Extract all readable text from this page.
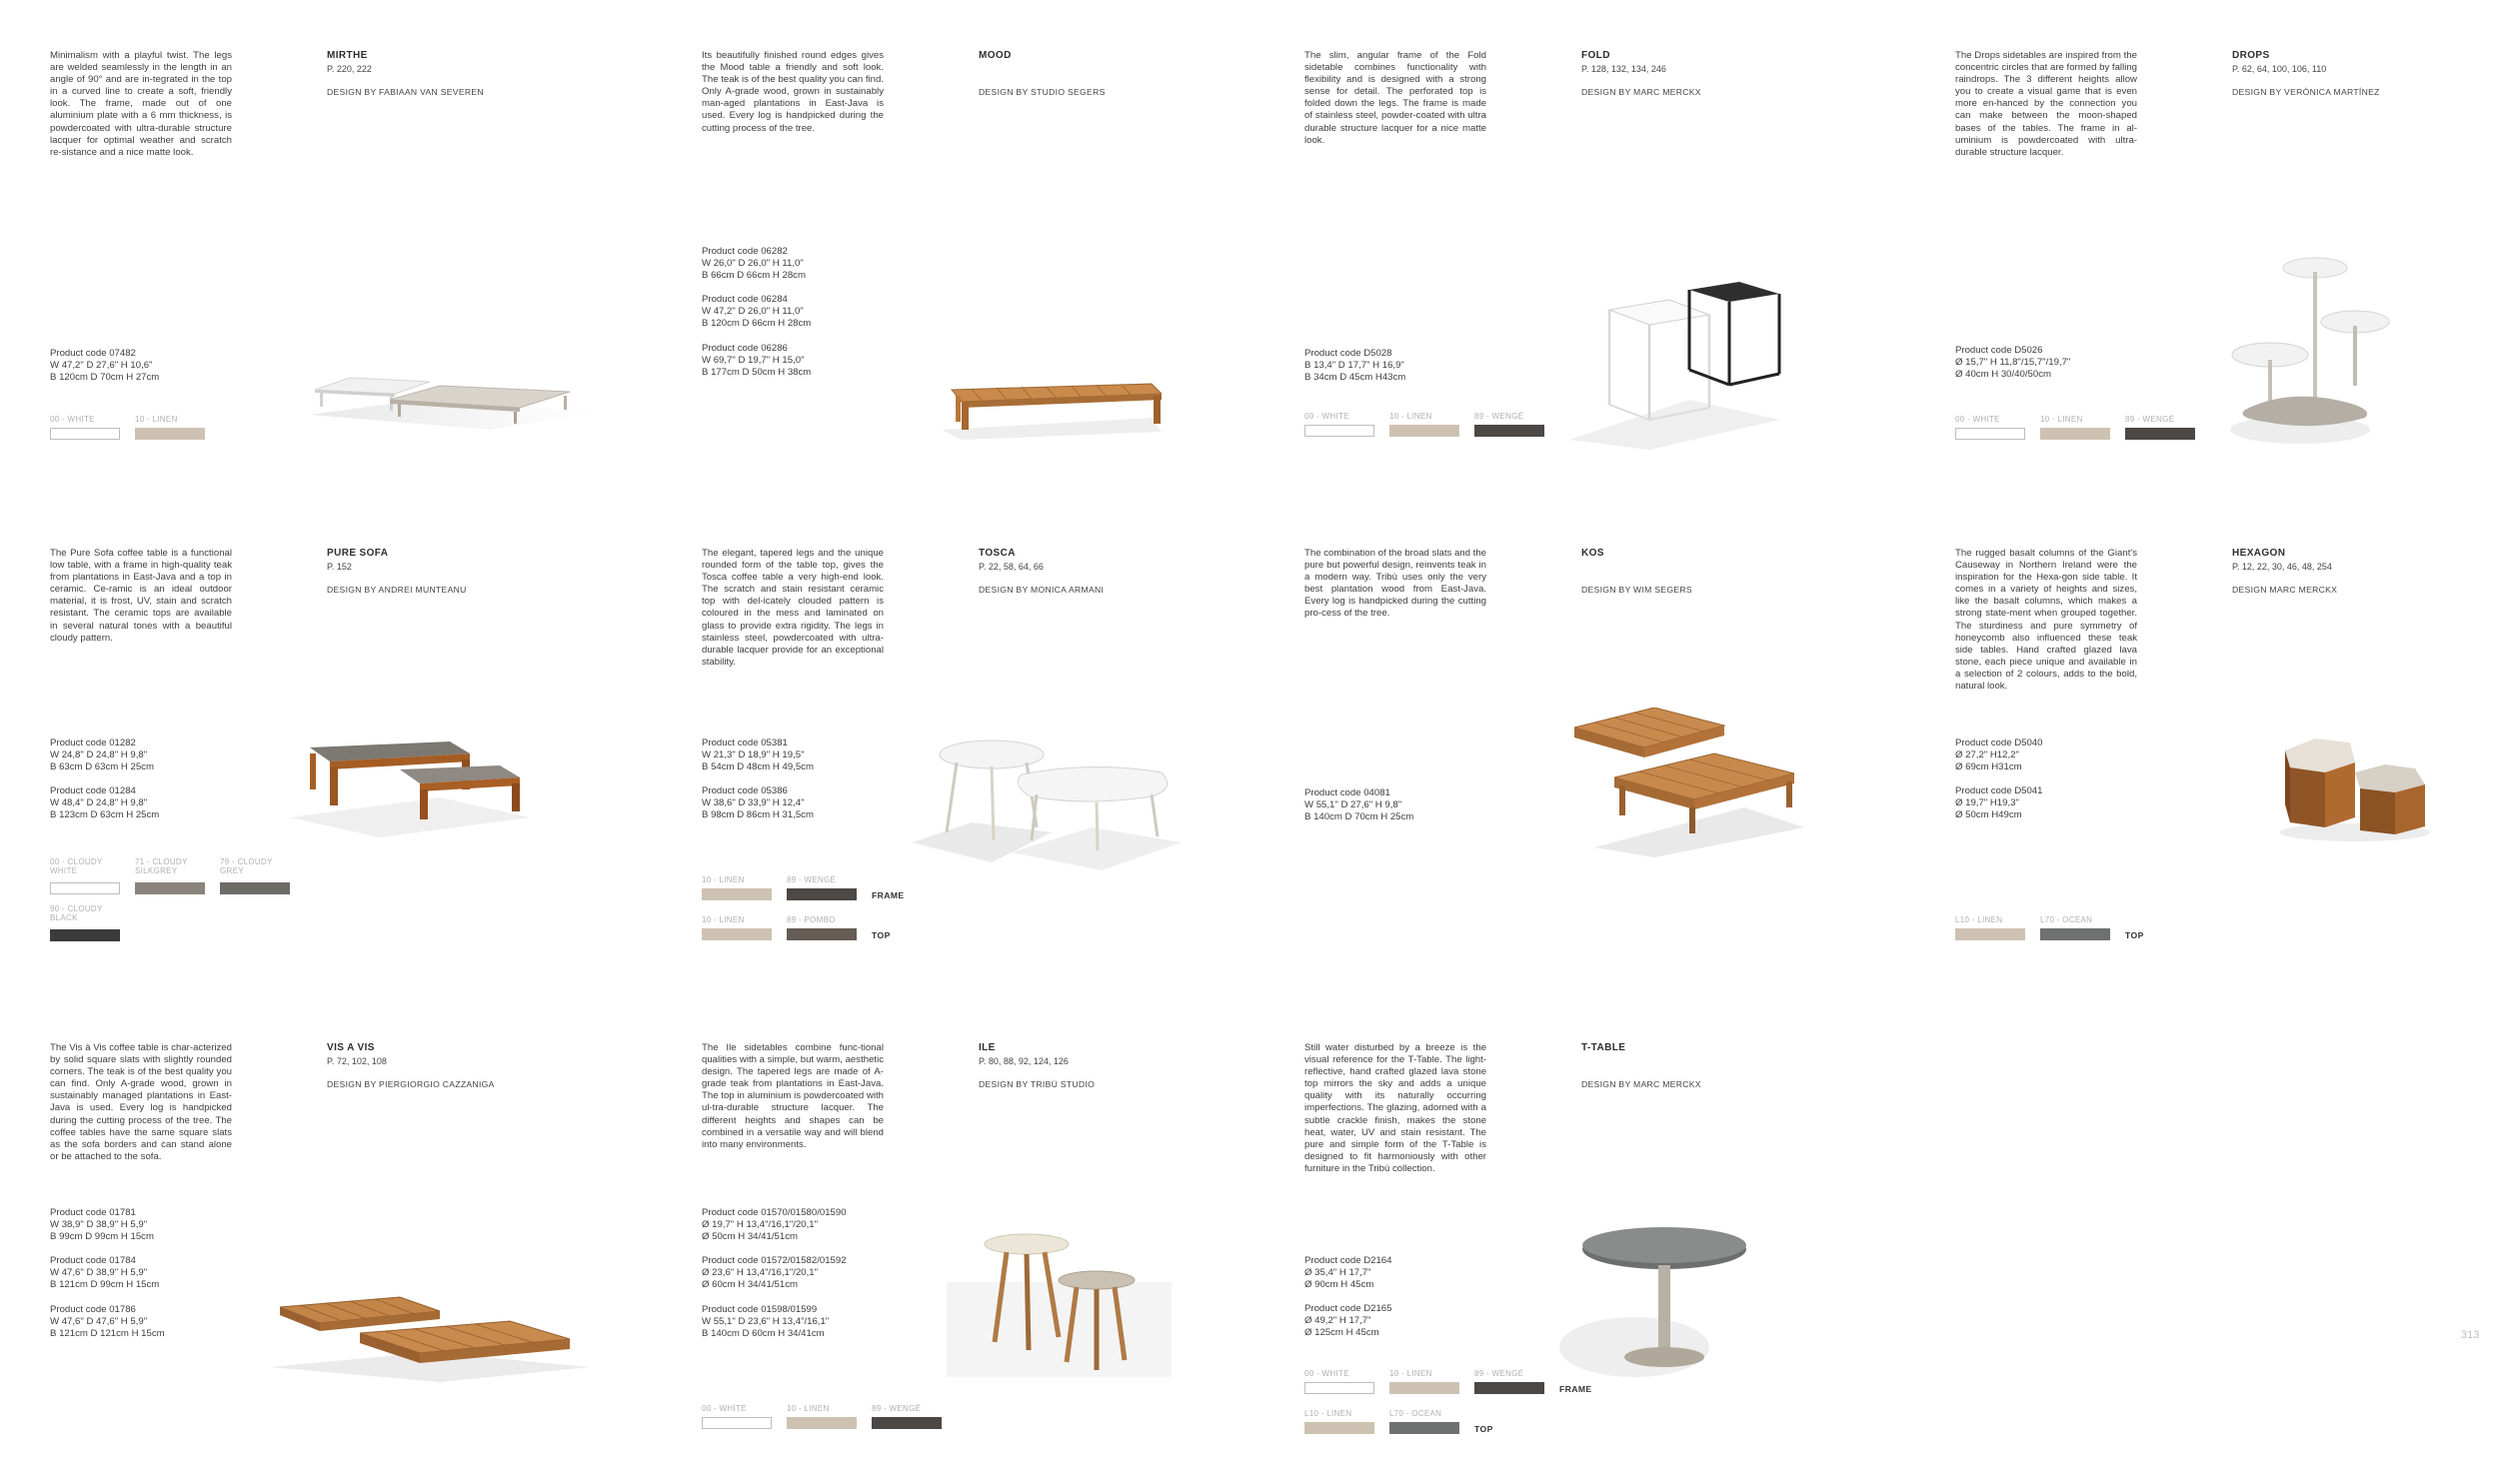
Minimalism with a playful twist. The legs are welded seamlessly in the length in an angle of 90° and are in-tegrated in the top in a curved line to create a soft, friendly look. The frame, made out of one aluminium plate with a 6 mm thickness, is powdercoated with ultra-durable structure lacquer for optimal weather and scratch re-sistance and a nice matte look.
MIRTHE
P. 220, 222
DESIGN BY FABIAAN VAN SEVEREN
Product code 07482
W 47,2" D 27,6" H 10,6"
B 120cm D 70cm H 27cm
00 - WHITE	10 - LINEN
Its beautifully finished round edges gives the Mood table a friendly and soft look. The teak is of the best quality you can find. Only A-grade wood, grown in sustainably man-aged plantations in East-Java is used. Every log is handpicked during the cutting process of the tree.
MOOD
DESIGN BY STUDIO SEGERS
Product code 06282
W 26,0" D 26,0" H 11,0"
B 66cm D 66cm H 28cm
Product code 06284
W 47,2" D 26,0" H 11,0"
B 120cm D 66cm H 28cm
Product code 06286
W 69,7" D 19,7" H 15,0"
B 177cm D 50cm H 38cm
The slim, angular frame of the Fold sidetable combines functionality with flexibility and is designed with a strong sense for detail. The perforated top is folded down the legs. The frame is made of stainless steel, powder-coated with ultra durable structure lacquer for a nice matte look.
FOLD
P. 128, 132, 134, 246
DESIGN BY MARC MERCKX
Product code D5028
B 13,4" D 17,7" H 16,9"
B 34cm D 45cm H43cm
00 - WHITE	10 - LINEN	89 - WENGÉ
The Drops sidetables are inspired from the concentric circles that are formed by falling raindrops. The 3 different heights allow you to create a visual game that is even more en-hanced by the connection you can make between the moon-shaped bases of the tables. The frame in al-uminium is powdercoated with ultra-durable structure lacquer.
DROPS
P. 62, 64, 100, 106, 110
DESIGN BY VERÓNICA MARTÍNEZ
Product code D5026
Ø 15,7" H 11,8"/15,7"/19,7"
Ø 40cm H 30/40/50cm
00 - WHITE	10 - LINEN	89 - WENGÉ
The Pure Sofa coffee table is a functional low table, with a frame in high-quality teak from plantations in East-Java and a top in ceramic. Ce-ramic is an ideal outdoor material, it is frost, UV, stain and scratch resistant. The ceramic tops are available in several natural tones with a beautiful cloudy pattern.
PURE SOFA
P. 152
DESIGN BY ANDREI MUNTEANU
Product code 01282
W 24,8" D 24,8" H 9,8"
B 63cm D 63cm H 25cm
Product code 01284
W 48,4" D 24,8" H 9,8"
B 123cm D 63cm H 25cm
00 - CLOUDY WHITE
71 - CLOUDY SILKGREY
79 - CLOUDY GREY
90 - CLOUDY BLACK
The elegant, tapered legs and the unique rounded form of the table top, gives the Tosca coffee table a very high-end look. The scratch and stain resistant ceramic top with del-icately clouded pattern is coloured in the mess and laminated on glass to provide extra rigidity. The legs in stainless steel, powdercoated with ultra-durable lacquer provide for an exceptional stability.
TOSCA
P. 22, 58, 64, 66
DESIGN BY MONICA ARMANI
Product code 05381
W 21,3" D 18,9" H 19,5"
B 54cm D 48cm H 49,5cm
Product code 05386
W 38,6" D 33,9" H 12,4"
B 98cm D 86cm H 31,5cm
10 - LINEN	89 - WENGÉ
FRAME
10 - LINEN	89 - POMBO
TOP
The combination of the broad slats and the pure but powerful design, reinvents teak in a modern way. Tribù uses only the very best plantation wood from East-Java. Every log is handpicked during the cutting pro-cess of the tree.
KOS
DESIGN BY WIM SEGERS
Product code 04081
W 55,1" D 27,6" H 9,8"
B 140cm D 70cm H 25cm
The rugged basalt columns of the Giant's Causeway in Northern Ireland were the inspiration for the Hexa-gon side table. It comes in a variety of heights and sizes, like the basalt columns, which makes a strong state-ment when grouped together. The sturdiness and pure symmetry of honeycomb also influenced these teak side tables. Hand crafted glazed lava stone, each piece unique and available in a selection of 2 colours, adds to the bold, natural look.
HEXAGON
P. 12, 22, 30, 46, 48, 254
DESIGN MARC MERCKX
Product code D5040
Ø 27,2" H12,2"
Ø 69cm H31cm
Product code D5041
Ø 19,7" H19,3"
Ø 50cm H49cm
L10 - LINEN	L70 - OCEAN
TOP
The Vis à Vis coffee table is char-acterized by solid square slats with slightly rounded corners. The teak is of the best quality you can find. Only A-grade wood, grown in sustainably managed plantations in East-Java is used. Every log is handpicked during the cutting process of the tree. The coffee tables have the same square slats as the sofa borders and can stand alone or be attached to the sofa.
VIS A VIS
P. 72, 102, 108
DESIGN BY PIERGIORGIO CAZZANIGA
Product code 01781
W 38,9" D 38,9" H 5,9"
B 99cm D 99cm H 15cm
Product code 01784
W 47,6" D 38,9" H 5,9"
B 121cm D 99cm H 15cm
Product code 01786
W 47,6" D 47,6" H 5,9"
B 121cm D 121cm H 15cm
The Ile sidetables combine func-tional qualities with a simple, but warm, aesthetic design. The tapered legs are made of A-grade teak from plantations in East-Java. The top in aluminium is powdercoated with ul-tra-durable structure lacquer. The different heights and shapes can be combined in a versatile way and will blend into many environments.
ILE
P. 80, 88, 92, 124, 126
DESIGN BY TRIBÙ STUDIO
Product code 01570/01580/01590
Ø 19,7" H 13,4"/16,1"/20,1"
Ø 50cm H 34/41/51cm
Product code 01572/01582/01592
Ø 23,6" H 13,4"/16,1"/20,1"
Ø 60cm H 34/41/51cm
Product code 01598/01599
W 55,1" D 23,6" H 13,4"/16,1"
B 140cm D 60cm H 34/41cm
00 - WHITE	10 - LINEN	89 - WENGÉ
Still water disturbed by a breeze is the visual reference for the T-Table. The light-reflective, hand crafted glazed lava stone top mirrors the sky and adds a unique quality with its naturally occurring imperfections. The glazing, adorned with a subtle crackle finish, makes the stone heat, water, UV and stain resistant. The pure and simple form of the T-Table is designed to fit harmoniously with other furniture in the Tribù collection.
T-TABLE
DESIGN BY MARC MERCKX
Product code D2164
Ø 35,4" H 17,7"
Ø 90cm H 45cm
Product code D2165
Ø 49,2" H 17,7"
Ø 125cm H 45cm
00 - WHITE	10 - LINEN	89 - WENGÉ
FRAME
L10 - LINEN	L70 - OCEAN
TOP
313
